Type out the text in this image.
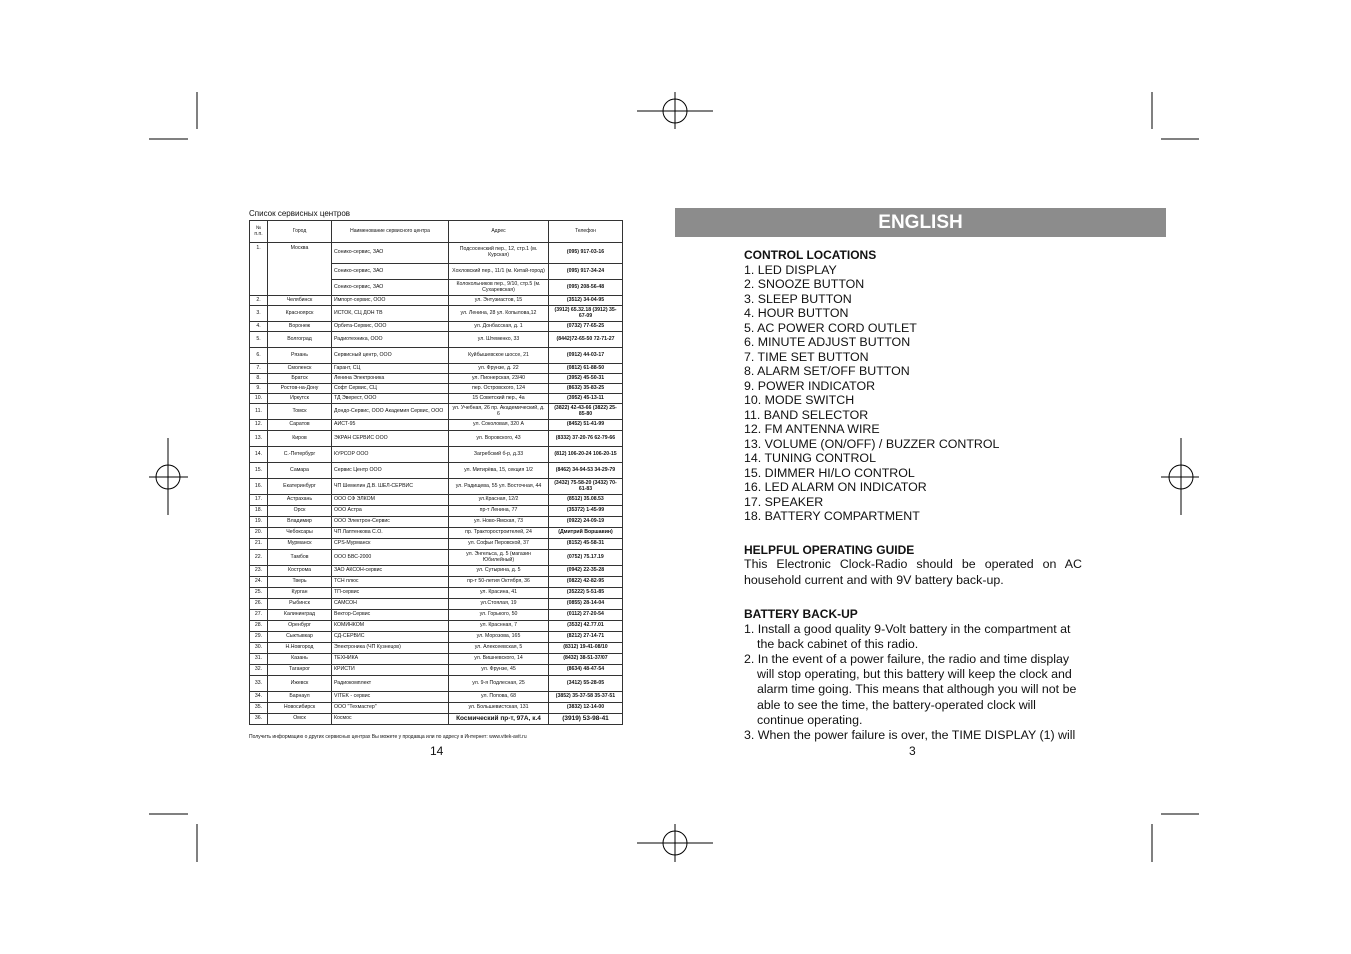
Список сервисных центров
№ п.п.	Город	Наименование сервисного центра	Адрес	Телефон
1.	Москва	Сонико-сервис, ЗАО	Подсосенский пер., 12, стр.1 (м. Курская)	(095) 917-03-16
		Сонико-сервис, ЗАО	Хохловский пер., 11/1 (м. Китай-город)	(095) 917-34-24
		Сонико-сервис, ЗАО	Колокольников пер., 9/10, стр.5 (м. Сухаревская)	(095) 208-56-48
2.	Челябинск	Импорт-сервис, ООО	ул. Энтузиастов, 15	(3512) 34-04-95
3.	Красноярск	ИСТОК, СЦ ДОН ТВ	ул. Ленина, 28 ул. Копылова,12	(3912) 65.32.18 (3912) 35-67-09
4.	Воронеж	Орбита-Сервис, ООО	ул. Донбасская, д. 1	(0732) 77-65-25
5.	Волгоград	Радиотехника, ООО	ул. Штеменко, 33	(8442)72-65-50 72-71-27
6.	Рязань	Сервисный центр, ООО	Куйбышевское шоссе, 21	(0912) 44-03-17
7.	Смоленск	Гарант, СЦ	ул. Фрунзе, д. 22	(0812) 61-88-50
8.	Братск	Ленина Электроника	ул. Пионерская, 23/40	(3952) 45-50-31
9.	Ростов-на-Дону	Софт Сервис, СЦ	пер. Островского, 124	(8632) 35-83-25
10.	Иркутск	ТД Эверест, ООО	15 Советский пер., 4а	(3952) 45-13-11
11.	Томск	Дондо-Сервис, ООО Академия Сервис, ООО	ул. Учебная, 26 пр. Академический, д. 6	(3822) 42-43-66 (3822) 25-85-80
12.	Саратов	АИСТ-95	ул. Соколовая, 320 А	(8452) 51-41-99
13.	Киров	ЭКРАН СЕРВИС ООО	ул. Воровского, 43	(8332) 37-20-76 62-79-66
14.	С.-Петербург	КУРСОР ООО	Загребский б-р, д.33	(812) 106-20-24 106-20-15
15.	Самара	Сервис Центр ООО	ул. Митирёва, 15, секция 1/2	(8462) 34-94-53 34-29-79
16.	Екатеринбург	ЧП Шемелин Д.В. ШЕЛ-СЕРВИС	ул. Радищева, 55 ул. Восточная, 44	(3432) 75-58-20 (3432) 70-61-83
17.	Астрахань	ООО СФ ЭЛКОМ	ул.Красная, 12/2	(8512) 35.08.53
18.	Орск	ООО Астра	пр-т Ленина, 77	(35372) 1-45-99
19.	Владимир	ООО Электрон-Сервис	ул. Ново-Ямская, 73	(0922) 24-09-19
20.	Чебоксары	ЧП Лаптенкова С.О.	пр. Тракторостроителей, 24	(Дмитрий Воршавин)
21.	Мурманск	CPS-Мурманск	ул. Софьи Перовской, 37	(8152) 45-58-31
22.	Тамбов	ООО БВС-2000	ул. Энгельса, д. 5 (магазин Юбилейный)	(0752) 75.17.19
23.	Кострома	ЗАО АКСОН-сервис	ул. Сутырина, д. 5	(0942) 22-35-28
24.	Тверь	ТСН плюс	пр-т 50-летия Октября, 36	(0822) 42-82-95
25.	Курган	ТП-сервис	ул. Красина, 41	(35222) 5-51-85
26.	Рыбинск	САМСОН	ул.Стоялая, 19	(0855) 28-14-04
27.	Калининград	Вектор-Сервис	ул. Горького, 50	(0112) 27-20-54
28.	Оренбург	КОМИНКОМ	ул. Краснная, 7	(3532) 42.77.01
29.	Сыктывкар	СД-СЕРВИС	ул. Морозова, 165	(8212) 27-14-71
30.	Н.Новгород	Электроника (ЧП Кузнецов)	ул. Алексеевская, 5	(8312) 19-41-08/10
31.	Казань	ТЕХНИКА	ул. Вишневского, 14	(8432) 38-51-37/07
32.	Таганрог	КРИСТИ	ул. Фрунзе, 45	(8634) 48-47-54
33.	Ижевск	Радиокомплект	ул. 9-я Подлесная, 25	(3412) 55-28-05
34.	Барнаул	VITEK - сервис	ул. Попова, 68	(3852) 35-37-58 35-37-51
35.	Новосибирск	ООО "Техмастер"	ул. Большевистская, 131	(3832) 12-14-00
36.	Омск	Космос	Космический пр-т, 97А, к.4	(3919) 53-98-41
Получить информацию о других сервисных центрах Вы можете у продавца или по адресу в Интернет: www.vitek-avit.ru
14
ENGLISH
CONTROL LOCATIONS
1. LED DISPLAY
2. SNOOZE BUTTON
3. SLEEP BUTTON
4. HOUR BUTTON
5. AC POWER CORD OUTLET
6. MINUTE ADJUST BUTTON
7. TIME SET BUTTON
8. ALARM SET/OFF BUTTON
9. POWER INDICATOR
10. MODE SWITCH
11. BAND SELECTOR
12. FM ANTENNA WIRE
13. VOLUME (ON/OFF) / BUZZER CONTROL
14. TUNING CONTROL
15. DIMMER HI/LO CONTROL
16. LED ALARM ON INDICATOR
17. SPEAKER
18. BATTERY COMPARTMENT
HELPFUL OPERATING GUIDE

This Electronic Clock-Radio should be operated on AC household current and with 9V battery back-up.

BATTERY BACK-UP
1. Install a good quality 9-Volt battery in the compartment at the back cabinet of this radio.
2. In the event of a power failure, the radio and time display will stop operating, but this battery will keep the clock and alarm time going. This means that although you will not be able to see the time, the battery-operated clock will continue operating.
3. When the power failure is over, the TIME DISPLAY (1) will
3
